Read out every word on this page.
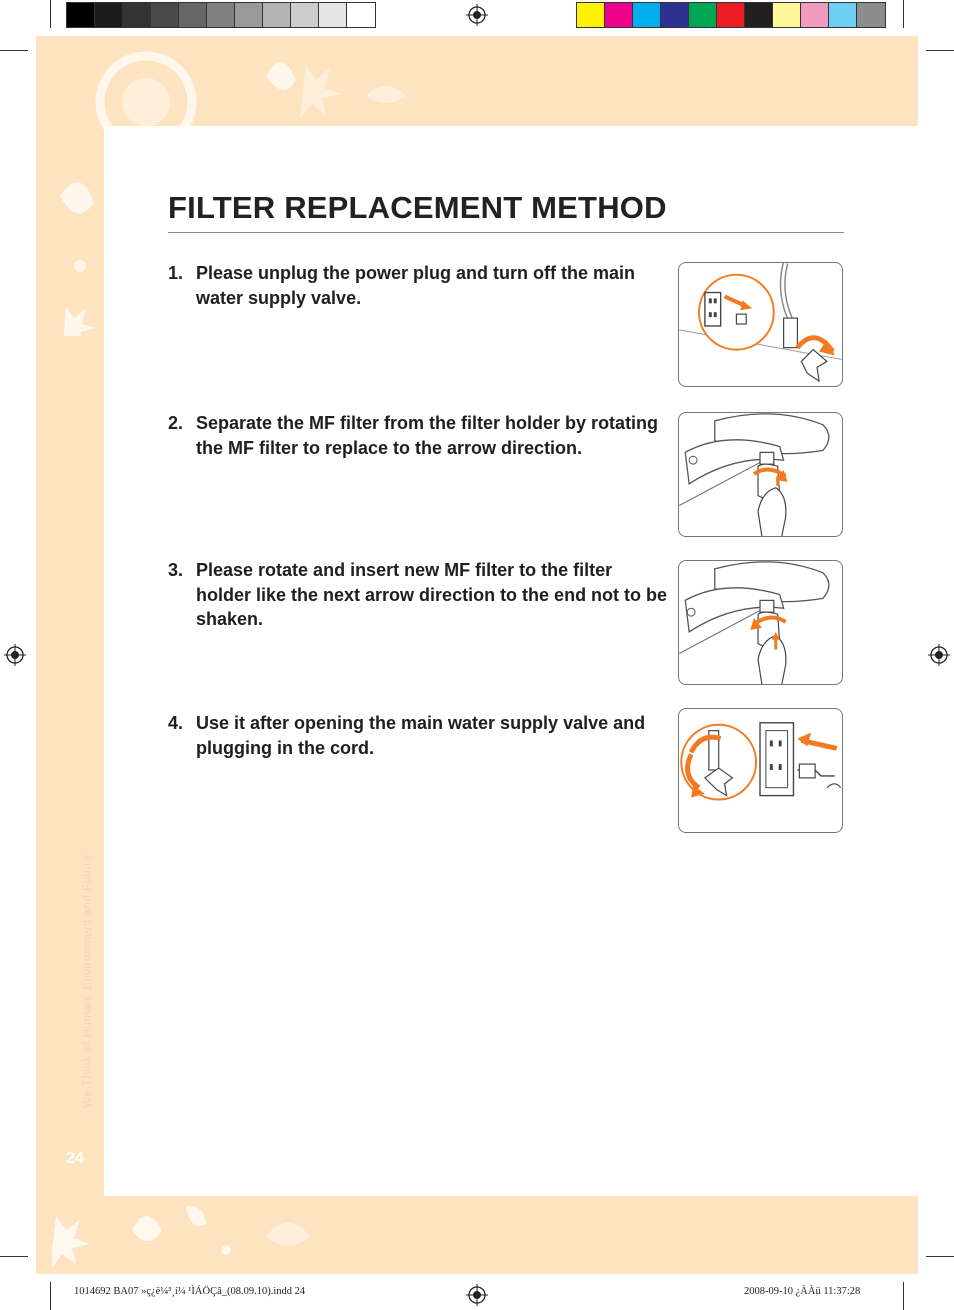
We Think of Human, Environment and Future
24
FILTER REPLACEMENT METHOD
1. Please unplug the power plug and turn off the main water supply valve.
2. Separate the MF filter from the filter holder by rotating the MF filter to replace to the arrow direction.
3. Please rotate and insert new MF filter to the filter holder like the next arrow direction to the end not to be shaken.
4. Use it after opening the main water supply valve and plugging in the cord.
1014692 BA07 »ç¿ë¼³¸í¼ ¹ÌÁÖÇâ_(08.09.10).indd 24	2008-09-10 ¿ÀÀü 11:37:28
